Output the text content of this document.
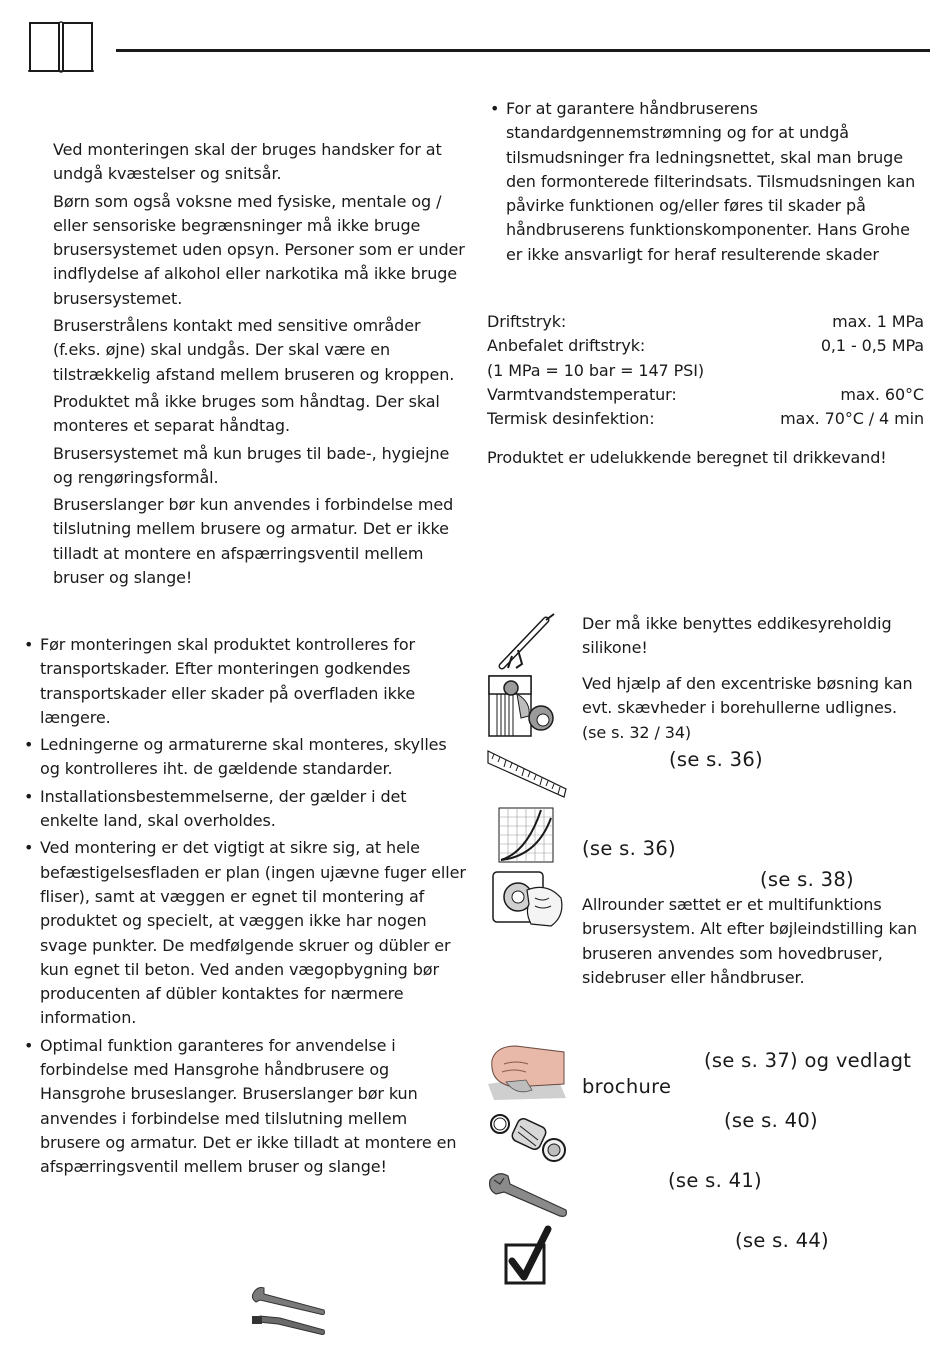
Ved monteringen skal der bruges handsker for at undgå kvæstelser og snitsår.

Børn som også voksne med fysiske, mentale og / eller sensoriske begrænsninger må ikke bruge brusersystemet uden opsyn. Personer som er under indflydelse af alkohol eller narkotika må ikke bruge brusersystemet.

Bruserstrålens kontakt med sensitive områder (f.eks. øjne) skal undgås. Der skal være en tilstrækkelig afstand mellem bruseren og kroppen.

Produktet må ikke bruges som håndtag. Der skal monteres et separat håndtag.

Brusersystemet må kun bruges til bade-, hygiejne og rengøringsformål.

Bruserslanger bør kun anvendes i forbindelse med tilslutning mellem brusere og armatur. Det er ikke tilladt at montere en afspærringsventil mellem bruser og slange!

• Før monteringen skal produktet kontrolleres for transportskader. Efter monteringen godkendes transportskader eller skader på overfladen ikke længere.
• Ledningerne og armaturerne skal monteres, skylles og kontrolleres iht. de gældende standarder.
• Installationsbestemmelserne, der gælder i det enkelte land, skal overholdes.
• Ved montering er det vigtigt at sikre sig, at hele befæstigelsesfladen er plan (ingen ujævne fuger eller fliser), samt at væggen er egnet til montering af produktet og specielt, at væggen ikke har nogen svage punkter. De medfølgende skruer og dübler er kun egnet til beton. Ved anden vægopbygning bør producenten af dübler kontaktes for nærmere information.
• Optimal funktion garanteres for anvendelse i forbindelse med Hansgrohe håndbrusere og Hansgrohe bruseslanger. Bruserslanger bør kun anvendes i forbindelse med tilslutning mellem brusere og armatur. Det er ikke tilladt at montere en afspærringsventil mellem bruser og slange!
• For at garantere håndbruserens standardgennemstrømning og for at undgå tilsmudsninger fra ledningsnettet, skal man bruge den formonterede filterindsats. Tilsmudsningen kan påvirke funktionen og/eller føres til skader på håndbruserens funktionskomponenter. Hans Grohe er ikke ansvarligt for heraf resulterende skader
Driftstryk:	max. 1 MPa
Anbefalet driftstryk:	0,1 - 0,5 MPa
(1 MPa = 10 bar = 147 PSI)
Varmtvandstemperatur:	max. 60°C
Termisk desinfektion:	max. 70°C / 4 min
Produktet er udelukkende beregnet til drikkevand!
Der må ikke benyttes eddikesyreholdig silikone!
Ved hjælp af den excentriske bøsning kan evt. skævheder i borehullerne udlignes.
(se s. 32 / 34)
(se s. 36)
(se s. 36)
(se s. 38)
Allrounder sættet er et multifunktions brusersystem. Alt efter bøjleindstilling kan bruseren anvendes som hovedbruser, sidebruser eller håndbruser.
(se s. 37) og vedlagt
brochure
(se s. 40)
(se s. 41)
(se s. 44)
